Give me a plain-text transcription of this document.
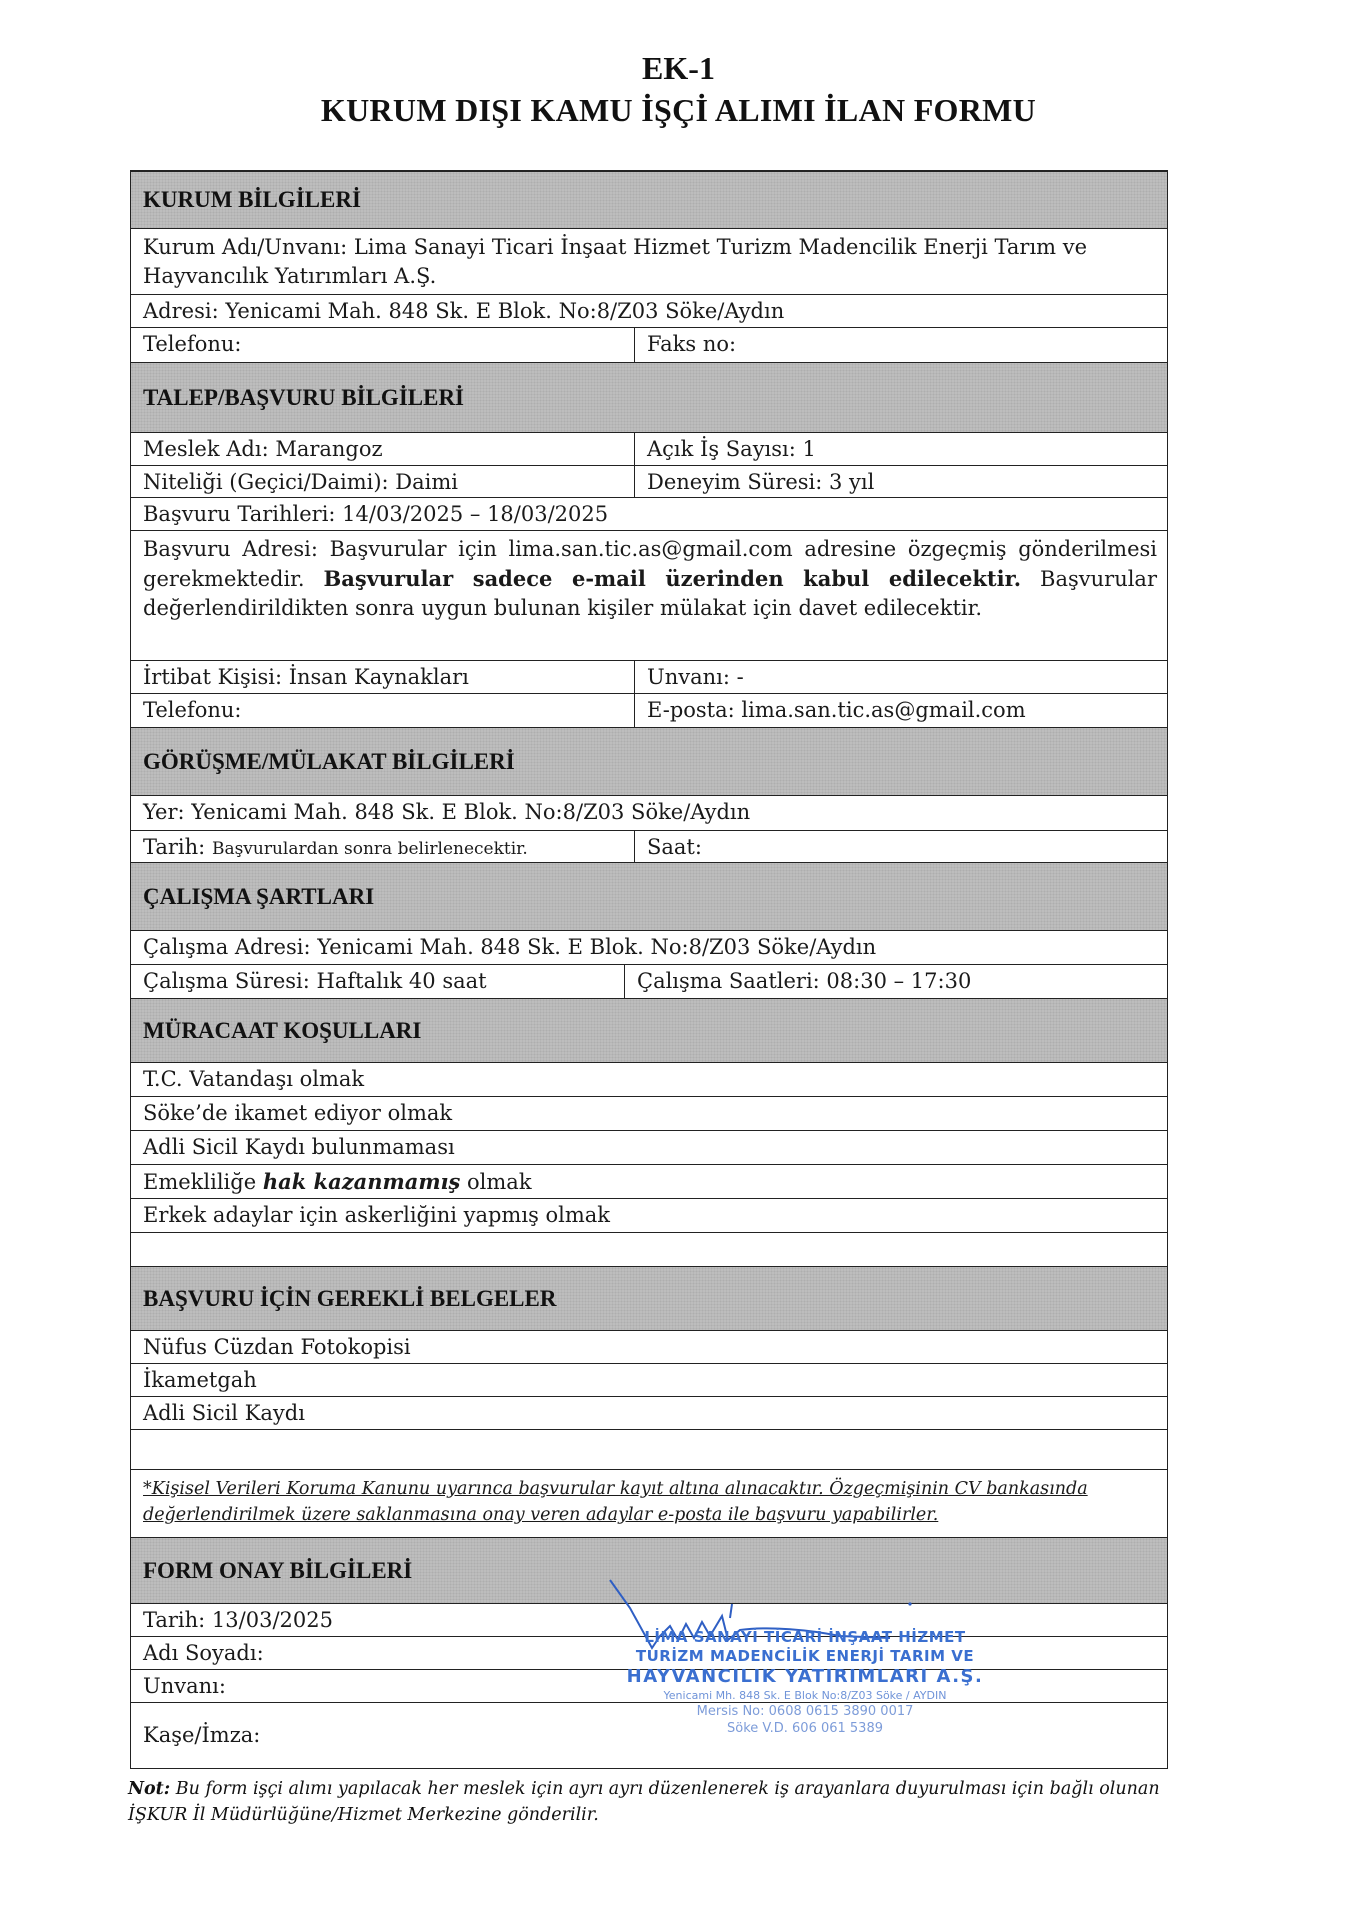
EK-1
KURUM DIŞI KAMU İŞÇİ ALIMI İLAN FORMU
KURUM BİLGİLERİ
Kurum Adı/Unvanı: Lima Sanayi Ticari İnşaat Hizmet Turizm Madencilik Enerji Tarım ve Hayvancılık Yatırımları A.Ş.
Adresi: Yenicami Mah. 848 Sk. E Blok. No:8/Z03 Söke/Aydın
Telefonu:	Faks no:
TALEP/BAŞVURU BİLGİLERİ
Meslek Adı: Marangoz	Açık İş Sayısı: 1
Niteliği (Geçici/Daimi): Daimi	Deneyim Süresi: 3 yıl
Başvuru Tarihleri: 14/03/2025 – 18/03/2025
Başvuru Adresi: Başvurular için lima.san.tic.as@gmail.com adresine özgeçmiş gönderilmesi gerekmektedir. Başvurular sadece e-mail üzerinden kabul edilecektir. Başvurular değerlendirildikten sonra uygun bulunan kişiler mülakat için davet edilecektir.
İrtibat Kişisi: İnsan Kaynakları	Unvanı: -
Telefonu:	E-posta: lima.san.tic.as@gmail.com
GÖRÜŞME/MÜLAKAT BİLGİLERİ
Yer: Yenicami Mah. 848 Sk. E Blok. No:8/Z03 Söke/Aydın
Tarih: Başvurulardan sonra belirlenecektir.	Saat:
ÇALIŞMA ŞARTLARI
Çalışma Adresi: Yenicami Mah. 848 Sk. E Blok. No:8/Z03 Söke/Aydın
Çalışma Süresi: Haftalık 40 saat	Çalışma Saatleri: 08:30 – 17:30
MÜRACAAT KOŞULLARI
T.C. Vatandaşı olmak
Söke’de ikamet ediyor olmak
Adli Sicil Kaydı bulunmaması
Emekliliğe hak kazanmamış olmak
Erkek adaylar için askerliğini yapmış olmak
BAŞVURU İÇİN GEREKLİ BELGELER
Nüfus Cüzdan Fotokopisi
İkametgah
Adli Sicil Kaydı
*Kişisel Verileri Koruma Kanunu uyarınca başvurular kayıt altına alınacaktır. Özgeçmişinin CV bankasında değerlendirilmek üzere saklanmasına onay veren adaylar e-posta ile başvuru yapabilirler.
FORM ONAY BİLGİLERİ
Tarih: 13/03/2025
Adı Soyadı:
Unvanı:
Kaşe/İmza:
LİMA SANAYİ TİCARİ İNŞAAT HİZMET
TURİZM MADENCİLİK ENERJİ TARIM VE
HAYVANCILIK YATIRIMLARI A.Ş.
Yenicami Mh. 848 Sk. E Blok No:8/Z03 Söke / AYDIN
Mersis No: 0608 0615 3890 0017
Söke V.D. 606 061 5389
Not: Bu form işçi alımı yapılacak her meslek için ayrı ayrı düzenlenerek iş arayanlara duyurulması için bağlı olunan İŞKUR İl Müdürlüğüne/Hizmet Merkezine gönderilir.
